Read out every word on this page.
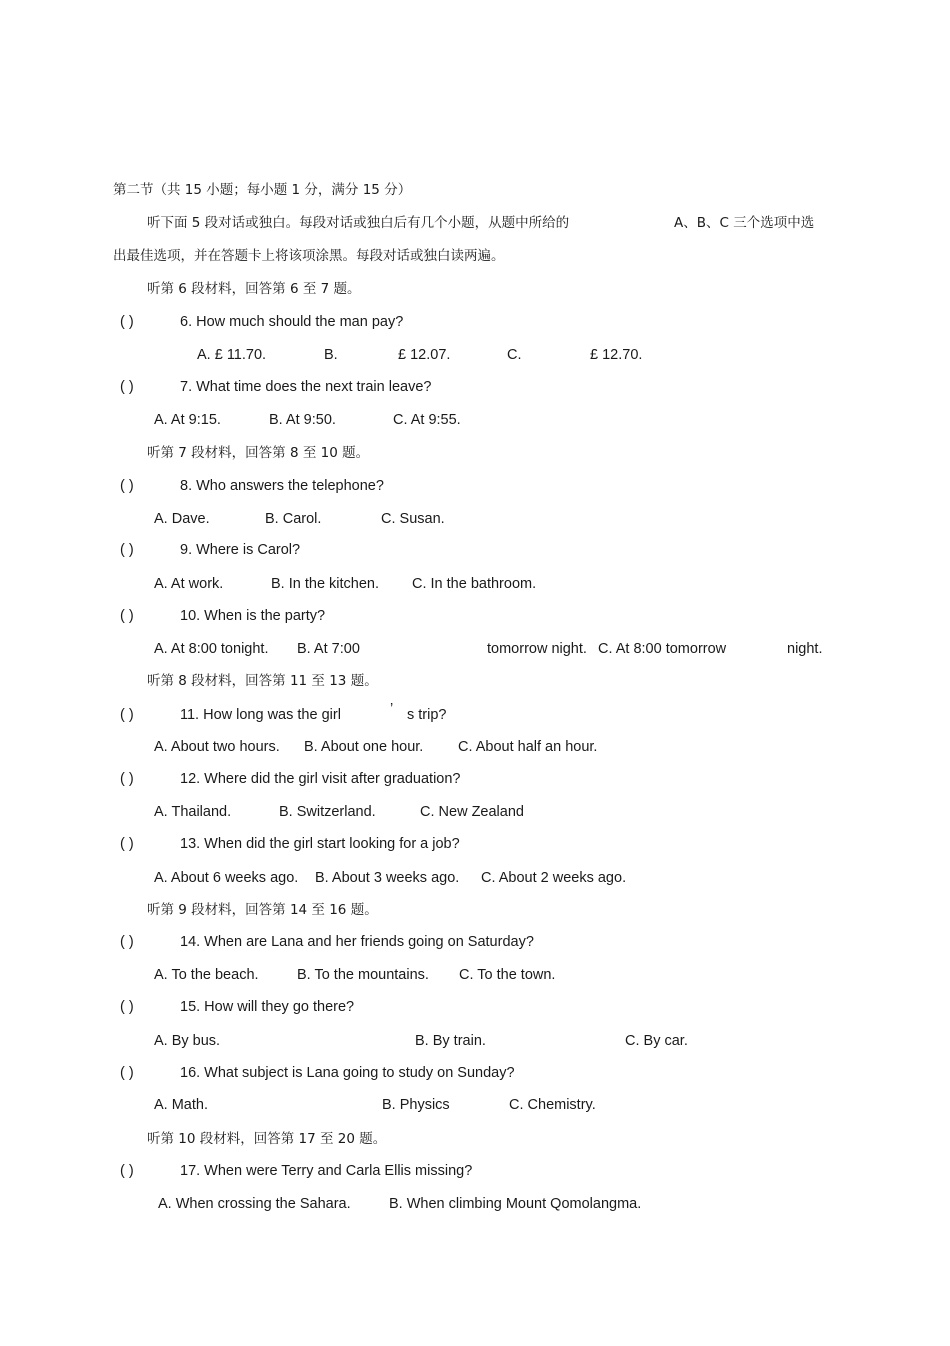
第二节（共 15 小题；每小题 1 分，满分 15 分）
听下面 5 段对话或独白。每段对话或独白后有几个小题，从题中所给的	A、B、C 三个选项中选
出最佳选项，并在答题卡上将该项涂黑。每段对话或独白读两遍。
听第 6 段材料，回答第 6 至 7 题。
( )	6. How much should the man pay?
A. £ 11.70.	B.	£ 12.07.	C.	£ 12.70.
( )	7. What time does the next train leave?
A. At 9:15.	B. At 9:50.	C. At 9:55.
听第 7 段材料，回答第 8 至 10 题。
( )	8. Who answers the telephone?
A. Dave.	B. Carol.	C. Susan.
( )	9. Where is Carol?
A. At work.	B. In the kitchen. C. In the bathroom.
( )	10. When is the party?
A. At 8:00 tonight. B. At 7:00	tomorrow night. C. At 8:00 tomorrow	night.
听第 8 段材料，回答第 11 至 13 题。
( )	11. How long was the girl	’ s trip?
A. About two hours. B. About one hour. C. About half an hour.
( )	12. Where did the girl visit after graduation?
A. Thailand.	B. Switzerland.	C. New Zealand
( )	13. When did the girl start looking for a job?
A. About 6 weeks ago. B. About 3 weeks ago. C. About 2 weeks ago.
听第 9 段材料，回答第 14 至 16 题。
( )	14. When are Lana and her friends going on Saturday?
A. To the beach.	B. To the mountains. C. To the town.
( )	15. How will they go there?
A. By bus.	B. By train.	C. By car.
( )	16. What subject is Lana going to study on Sunday?
A. Math.	B. Physics	C. Chemistry.
听第 10 段材料，回答第 17 至 20 题。
( )	17. When were Terry and Carla Ellis missing?
A. When crossing the Sahara.	B. When climbing Mount Qomolangma.
